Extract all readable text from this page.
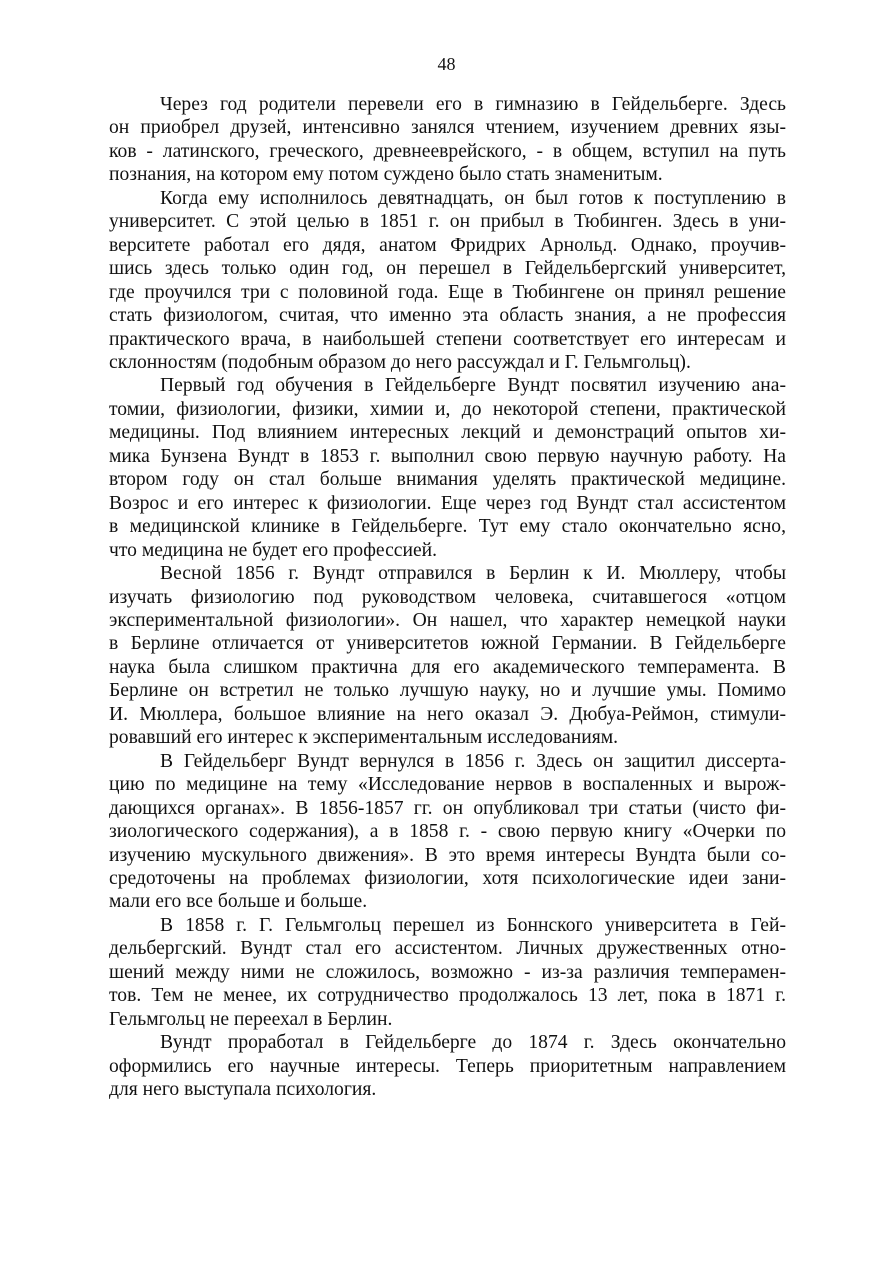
48
Через год родители перевели его в гимназию в Гейдельберге. Здесь
он приобрел друзей, интенсивно занялся чтением, изучением древних язы-
ков - латинского, греческого, древнееврейского, - в общем, вступил на путь
познания, на котором ему потом суждено было стать знаменитым.
Когда ему исполнилось девятнадцать, он был готов к поступлению в
университет. С этой целью в 1851 г. он прибыл в Тюбинген. Здесь в уни-
верситете работал его дядя, анатом Фридрих Арнольд. Однако, проучив-
шись здесь только один год, он перешел в Гейдельбергский университет,
где проучился три с половиной года. Еще в Тюбингене он принял решение
стать физиологом, считая, что именно эта область знания, а не профессия
практического врача, в наибольшей степени соответствует его интересам и
склонностям (подобным образом до него рассуждал и Г. Гельмгольц).
Первый год обучения в Гейдельберге Вундт посвятил изучению ана-
томии, физиологии, физики, химии и, до некоторой степени, практической
медицины. Под влиянием интересных лекций и демонстраций опытов хи-
мика Бунзена Вундт в 1853 г. выполнил свою первую научную работу. На
втором году он стал больше внимания уделять практической медицине.
Возрос и его интерес к физиологии. Еще через год Вундт стал ассистентом
в медицинской клинике в Гейдельберге. Тут ему стало окончательно ясно,
что медицина не будет его профессией.
Весной 1856 г. Вундт отправился в Берлин к И. Мюллеру, чтобы
изучать физиологию под руководством человека, считавшегося «отцом
экспериментальной физиологии». Он нашел, что характер немецкой науки
в Берлине отличается от университетов южной Германии. В Гейдельберге
наука была слишком практична для его академического темперамента. В
Берлине он встретил не только лучшую науку, но и лучшие умы. Помимо
И. Мюллера, большое влияние на него оказал Э. Дюбуа-Реймон, стимули-
ровавший его интерес к экспериментальным исследованиям.
В Гейдельберг Вундт вернулся в 1856 г. Здесь он защитил диссерта-
цию по медицине на тему «Исследование нервов в воспаленных и вырож-
дающихся органах». В 1856-1857 гг. он опубликовал три статьи (чисто фи-
зиологического содержания), а в 1858 г. - свою первую книгу «Очерки по
изучению мускульного движения». В это время интересы Вундта были со-
средоточены на проблемах физиологии, хотя психологические идеи зани-
мали его все больше и больше.
В 1858 г. Г. Гельмгольц перешел из Боннского университета в Гей-
дельбергский. Вундт стал его ассистентом. Личных дружественных отно-
шений между ними не сложилось, возможно - из-за различия темперамен-
тов. Тем не менее, их сотрудничество продолжалось 13 лет, пока в 1871 г.
Гельмгольц не переехал в Берлин.
Вундт проработал в Гейдельберге до 1874 г. Здесь окончательно
оформились его научные интересы. Теперь приоритетным направлением
для него выступала психология.
